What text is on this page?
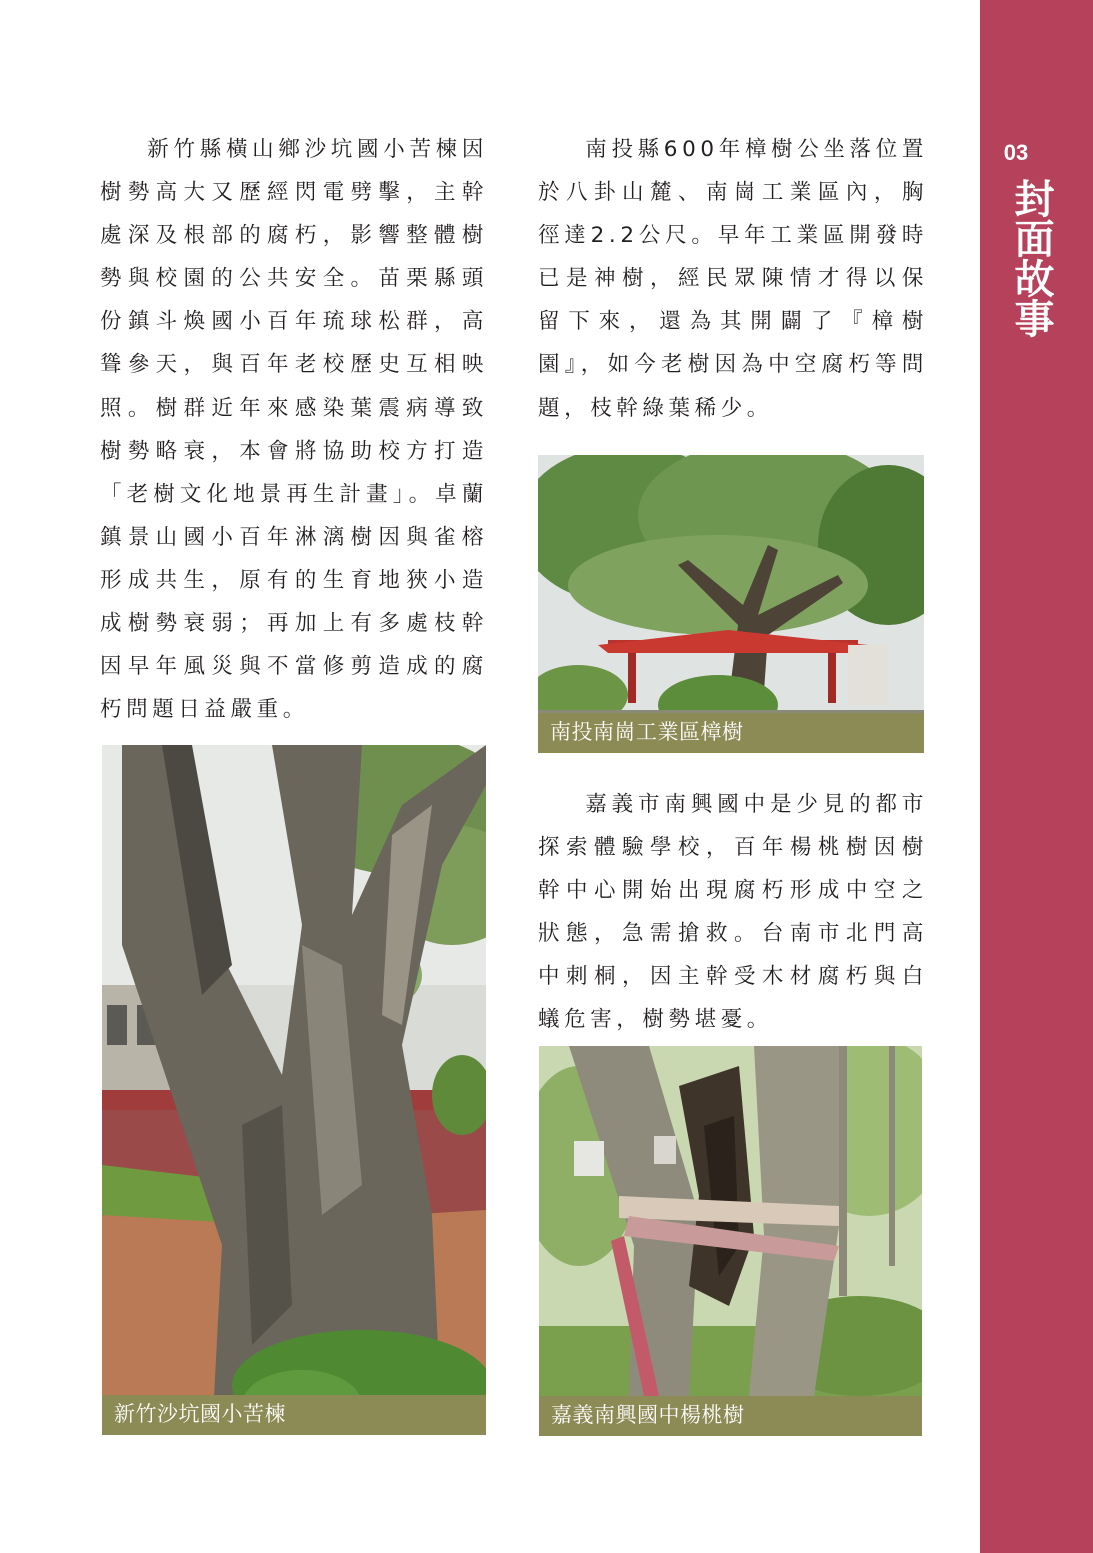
03
封面故事

新竹縣橫山鄉沙坑國小苦楝因樹勢高大又歷經閃電劈擊，主幹處深及根部的腐朽，影響整體樹勢與校園的公共安全。苗栗縣頭份鎮斗煥國小百年琉球松群，高聳參天，與百年老校歷史互相映照。樹群近年來感染葉震病導致樹勢略衰，本會將協助校方打造「老樹文化地景再生計畫」。卓蘭鎮景山國小百年淋漓樹因與雀榕形成共生，原有的生育地狹小造成樹勢衰弱；再加上有多處枝幹因早年風災與不當修剪造成的腐朽問題日益嚴重。

南投縣600年樟樹公坐落位置於八卦山麓、南崗工業區內，胸徑達2.2公尺。早年工業區開發時已是神樹，經民眾陳情才得以保留下來，還為其開闢了『樟樹園』，如今老樹因為中空腐朽等問題，枝幹綠葉稀少。

嘉義市南興國中是少見的都市探索體驗學校，百年楊桃樹因樹幹中心開始出現腐朽形成中空之狀態，急需搶救。台南市北門高中刺桐，因主幹受木材腐朽與白蟻危害，樹勢堪憂。

新竹沙坑國小苦楝
南投南崗工業區樟樹
嘉義南興國中楊桃樹
